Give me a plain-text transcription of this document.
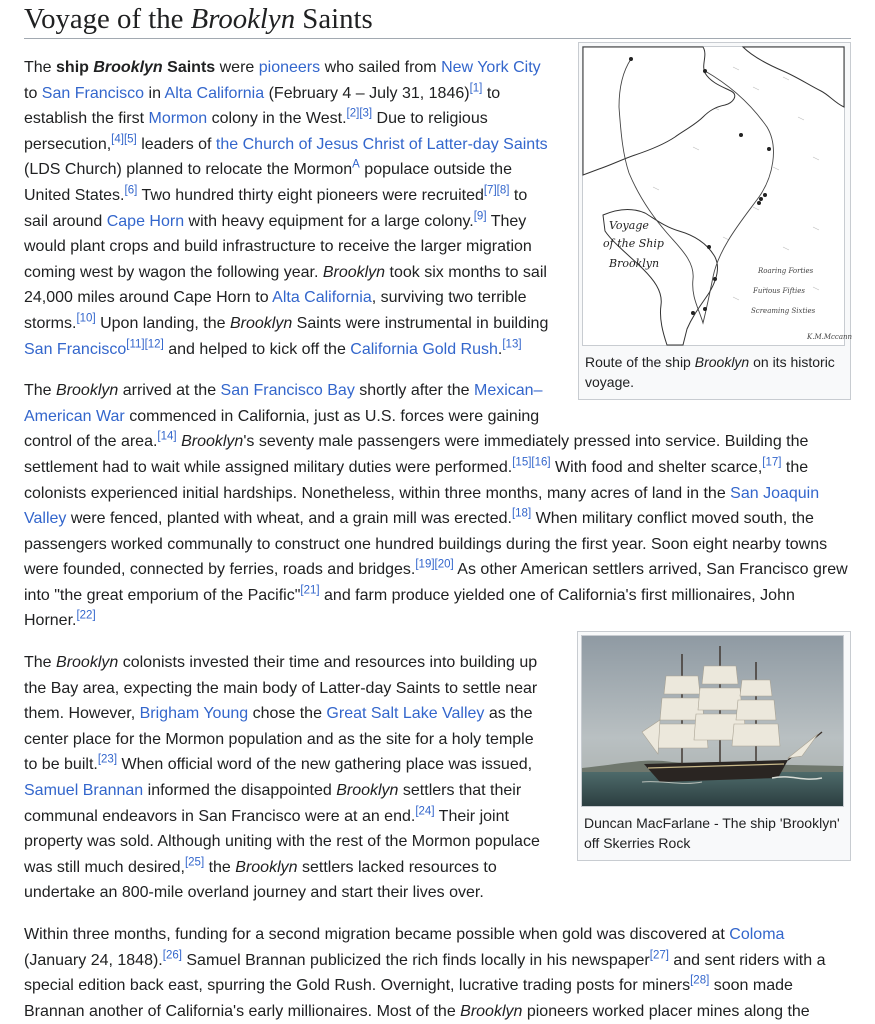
Voyage of the Brooklyn Saints
Voyage
of the Ship
Brooklyn
Roaring Forties
Furious Fifties
Screaming Sixties
K.M.Mccann
Route of the ship Brooklyn on its historic voyage.

The ship Brooklyn Saints were pioneers who sailed from New York City to San Francisco in Alta California (February 4 – July 31, 1846)[1] to establish the first Mormon colony in the West.[2][3] Due to religious persecution,[4][5] leaders of the Church of Jesus Christ of Latter-day Saints (LDS Church) planned to relocate the Mormon$^A$ populace outside the United States.[6] Two hundred thirty eight pioneers were recruited[7][8] to sail around Cape Horn with heavy equipment for a large colony.[9] They would plant crops and build infrastructure to receive the larger migration coming west by wagon the following year. Brooklyn took six months to sail 24,000 miles around Cape Horn to Alta California, surviving two terrible storms.[10] Upon landing, the Brooklyn Saints were instrumental in building San Francisco[11][12] and helped to kick off the California Gold Rush.[13]

The Brooklyn arrived at the San Francisco Bay shortly after the Mexican–American War commenced in California, just as U.S. forces were gaining control of the area.[14] Brooklyn's seventy male passengers were immediately pressed into service. Building the settlement had to wait while assigned military duties were performed.[15][16] With food and shelter scarce,[17] the colonists experienced initial hardships. Nonetheless, within three months, many acres of land in the San Joaquin Valley were fenced, planted with wheat, and a grain mill was erected.[18] When military conflict moved south, the passengers worked communally to construct one hundred buildings during the first year. Soon eight nearby towns were founded, connected by ferries, roads and bridges.[19][20] As other American settlers arrived, San Francisco grew into "the great emporium of the Pacific"[21] and farm produce yielded one of California's first millionaires, John Horner.[22]

Duncan MacFarlane - The ship 'Brooklyn' off Skerries Rock

The Brooklyn colonists invested their time and resources into building up the Bay area, expecting the main body of Latter-day Saints to settle near them. However, Brigham Young chose the Great Salt Lake Valley as the center place for the Mormon population and as the site for a holy temple to be built.[23] When official word of the new gathering place was issued, Samuel Brannan informed the disappointed Brooklyn settlers that their communal endeavors in San Francisco were at an end.[24] Their joint property was sold. Although uniting with the rest of the Mormon populace was still much desired,[25] the Brooklyn settlers lacked resources to undertake an 800-mile overland journey and start their lives over.

Within three months, funding for a second migration became possible when gold was discovered at Coloma (January 24, 1848).[26] Samuel Brannan publicized the rich finds locally in his newspaper[27] and sent riders with a special edition back east, spurring the Gold Rush. Overnight, lucrative trading posts for miners[28] soon made Brannan another of California's early millionaires. Most of the Brooklyn pioneers worked placer mines along the
